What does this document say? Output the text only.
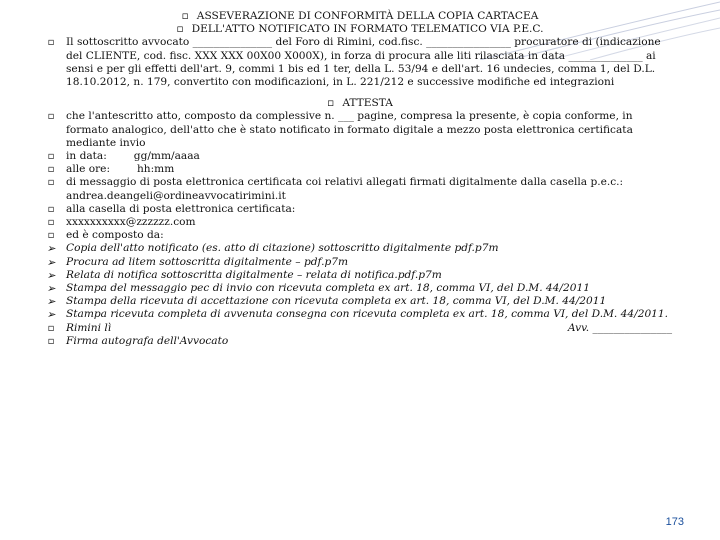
▫ ASSEVERAZIONE DI CONFORMITÀ DELLA COPIA CARTACEA
▫ DELL'ATTO NOTIFICATO IN FORMATO TELEMATICO VIA P.E.C.
▫	Il sottoscritto avvocato _______________ del Foro di Rimini, cod.fisc. ________________ procuratore di (indicazione del CLIENTE, cod. fisc. XXX XXX 00X00 X000X), in forza di procura alle liti rilasciata in data ______________ ai sensi e per gli effetti dell'art. 9, commi 1 bis ed 1 ter, della L. 53/94 e dell'art. 16 undecies, comma 1, del D.L. 18.10.2012, n. 179, convertito con modificazioni, in L. 221/212 e successive modifiche ed integrazioni
▫ ATTESTA
▫	che l'antescritto atto, composto da complessive n. ___ pagine, compresa la presente, è copia conforme, in formato analogico, dell'atto che è stato notificato in formato digitale a mezzo posta elettronica certificata mediante invio
▫	in data:	gg/mm/aaaa
▫	alle ore:	hh:mm
▫	di messaggio di posta elettronica certificata coi relativi allegati firmati digitalmente dalla casella p.e.c.: andrea.deangeli@ordineavvocatirimini.it
▫	alla casella di posta elettronica certificata:
▫	xxxxxxxxxx@zzzzzz.com
▫	ed è composto da:
➢ Copia dell'atto notificato (es. atto di citazione) sottoscritto digitalmente pdf.p7m
➢ Procura ad litem sottoscritta digitalmente – pdf.p7m
➢ Relata di notifica sottoscritta digitalmente – relata di notifica.pdf.p7m
➢ Stampa del messaggio pec di invio con ricevuta completa ex art. 18, comma VI, del D.M. 44/2011
➢ Stampa della ricevuta di accettazione con ricevuta completa ex art. 18, comma VI, del D.M. 44/2011
➢ Stampa ricevuta completa di avvenuta consegna con ricevuta completa ex art. 18, comma VI, del D.M. 44/2011.
▫	Rimini lì	Avv. _______________
▫	Firma autografa dell'Avvocato
173
